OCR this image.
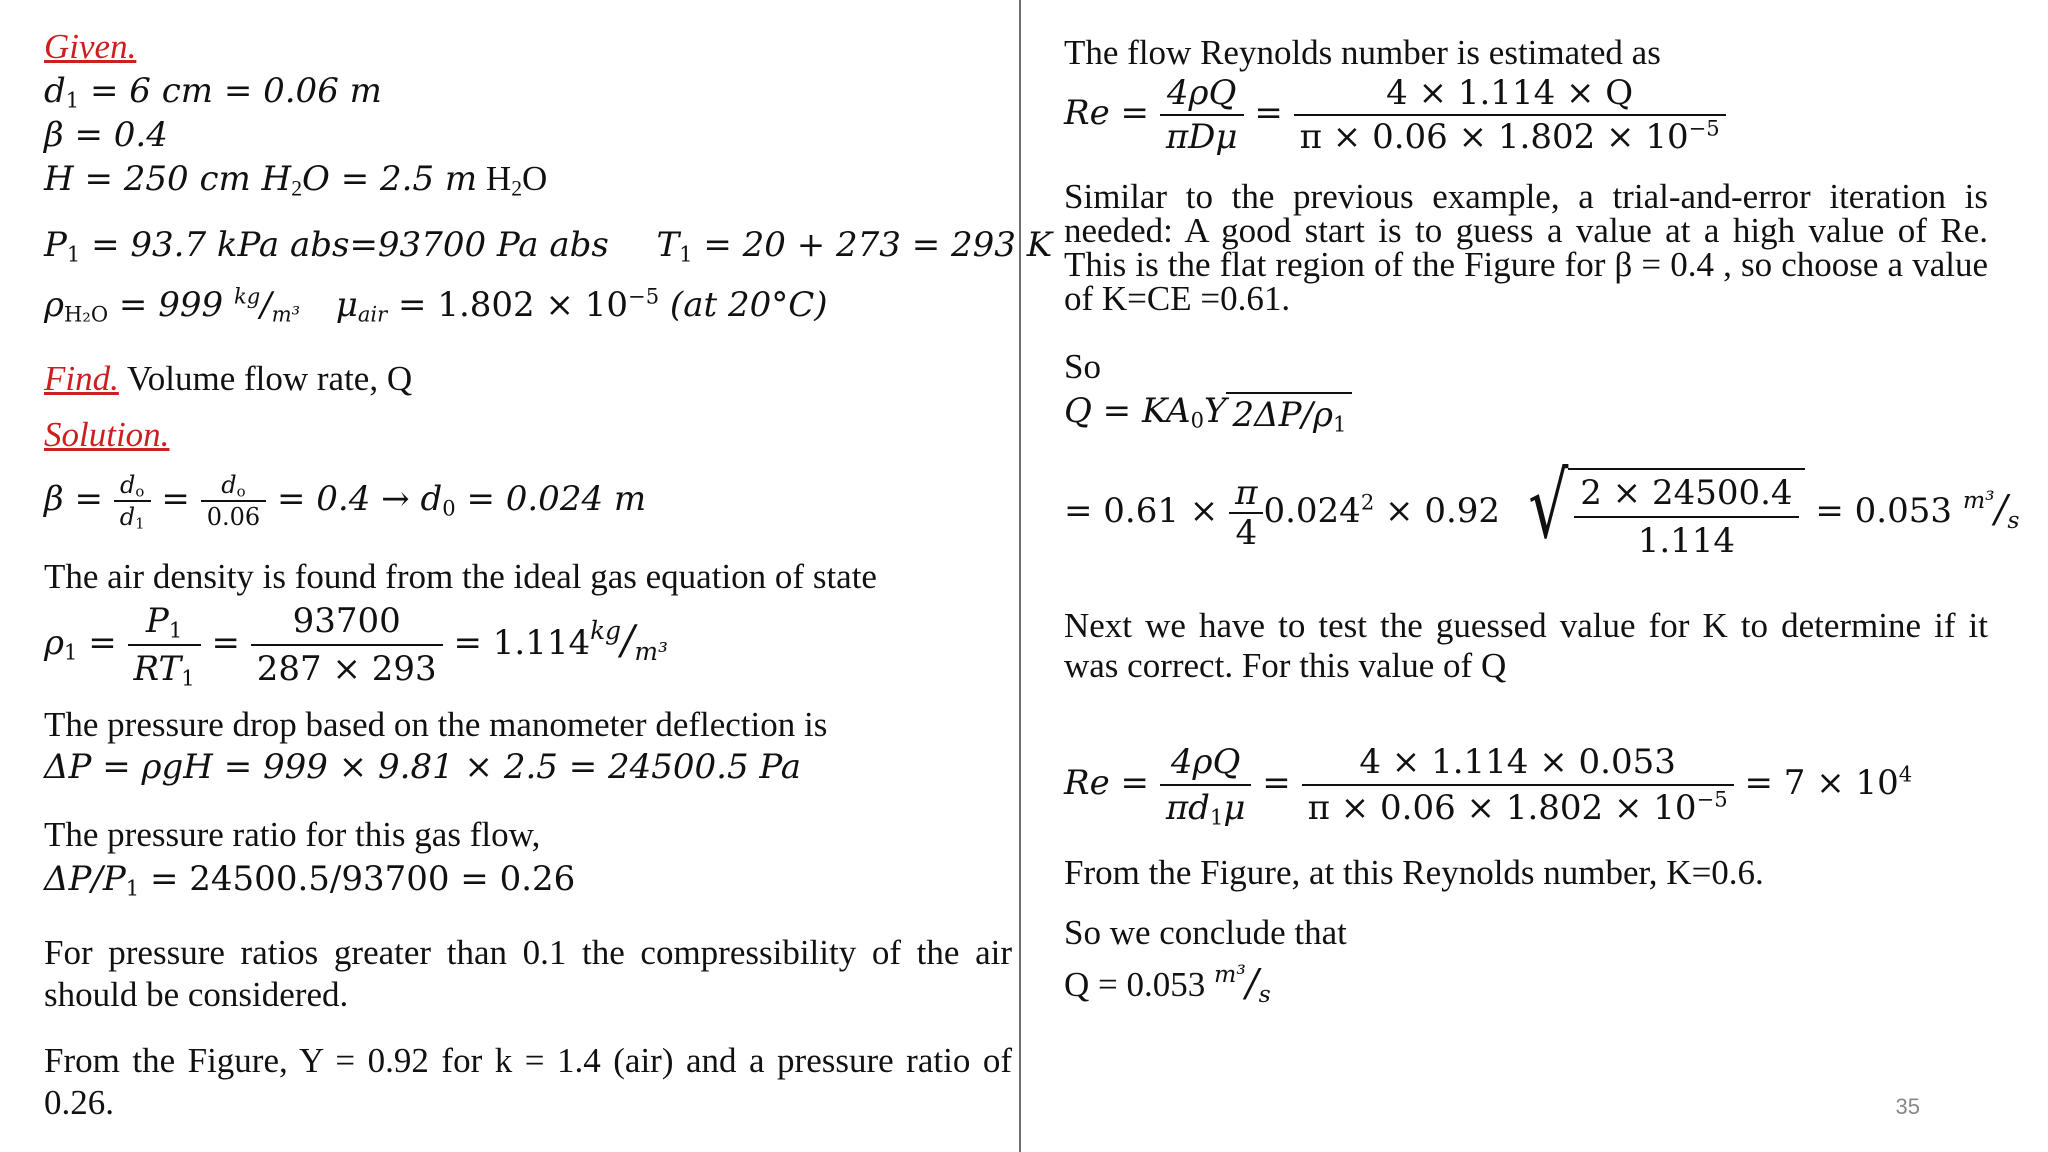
Given.
$d_1 = 6$ cm = 0.06 m
β = 0.4
H = 250 cm $H_2O = 2.5$ m $H_2O$
$P_1 = 93.7$ kPa abs=93700 Pa abs $T_1 = 20 + 273 = 293$ K
$\rho_{H_2O} = 999$ $^{kg}/_{m^3}$ $\mu_{air} = 1.802 \times 10^{-5}$ (at 20°C)
Find. Volume flow rate, Q
Solution.
$\beta = \frac{d_o}{d_1} = \frac{d_o}{0.06} = 0.4 \to d_0 = 0.024$ m
The air density is found from the ideal gas equation of state
$\rho_1 = \frac{P_1}{RT_1} = \frac{93700}{287 \times 293} = 1.114^{kg}/_{m^3}$
The pressure drop based on the manometer deflection is
ΔP = ρgH = 999 × 9.81 × 2.5 = 24500.5 Pa
The pressure ratio for this gas flow,
$\Delta P/P_1 = 24500.5/93700 = 0.26$
For pressure ratios greater than 0.1 the compressibility of the air should be considered.
From the Figure, Y = 0.92 for k = 1.4 (air) and a pressure ratio of 0.26.
The flow Reynolds number is estimated as
Re = 4ρQ
πDμ
= $\frac{4 \times 1.114 \times Q}{\pi \times 0.06 \times 1.802 \times 10^{-5}}$
Similar to the previous example, a trial-and-error iteration is needed: A good start is to guess a value at a high value of Re. This is the flat region of the Figure for β = 0.4 , so choose a value of K=CE =0.61.
So
$Q = KA_0Y$ $2\Delta P/\rho_1$
= $0.61 \times \frac{\pi}{4} 0.024^2 \times 0.92$ √ $\frac{2 \times 24500.4}{1.114} = 0.053$ $^{m^3}/_s$
Next we have to test the guessed value for K to determine if it was correct. For this value of Q
$Re = \frac{4\rho Q}{\pi d_1\mu} = \frac{4 \times 1.114 \times 0.053}{\pi \times 0.06 \times 1.802 \times 10^{-5}} = 7 \times 10^4$
From the Figure, at this Reynolds number, K=0.6.
So we conclude that
Q = 0.053 $^{m^3}/_s$
35
